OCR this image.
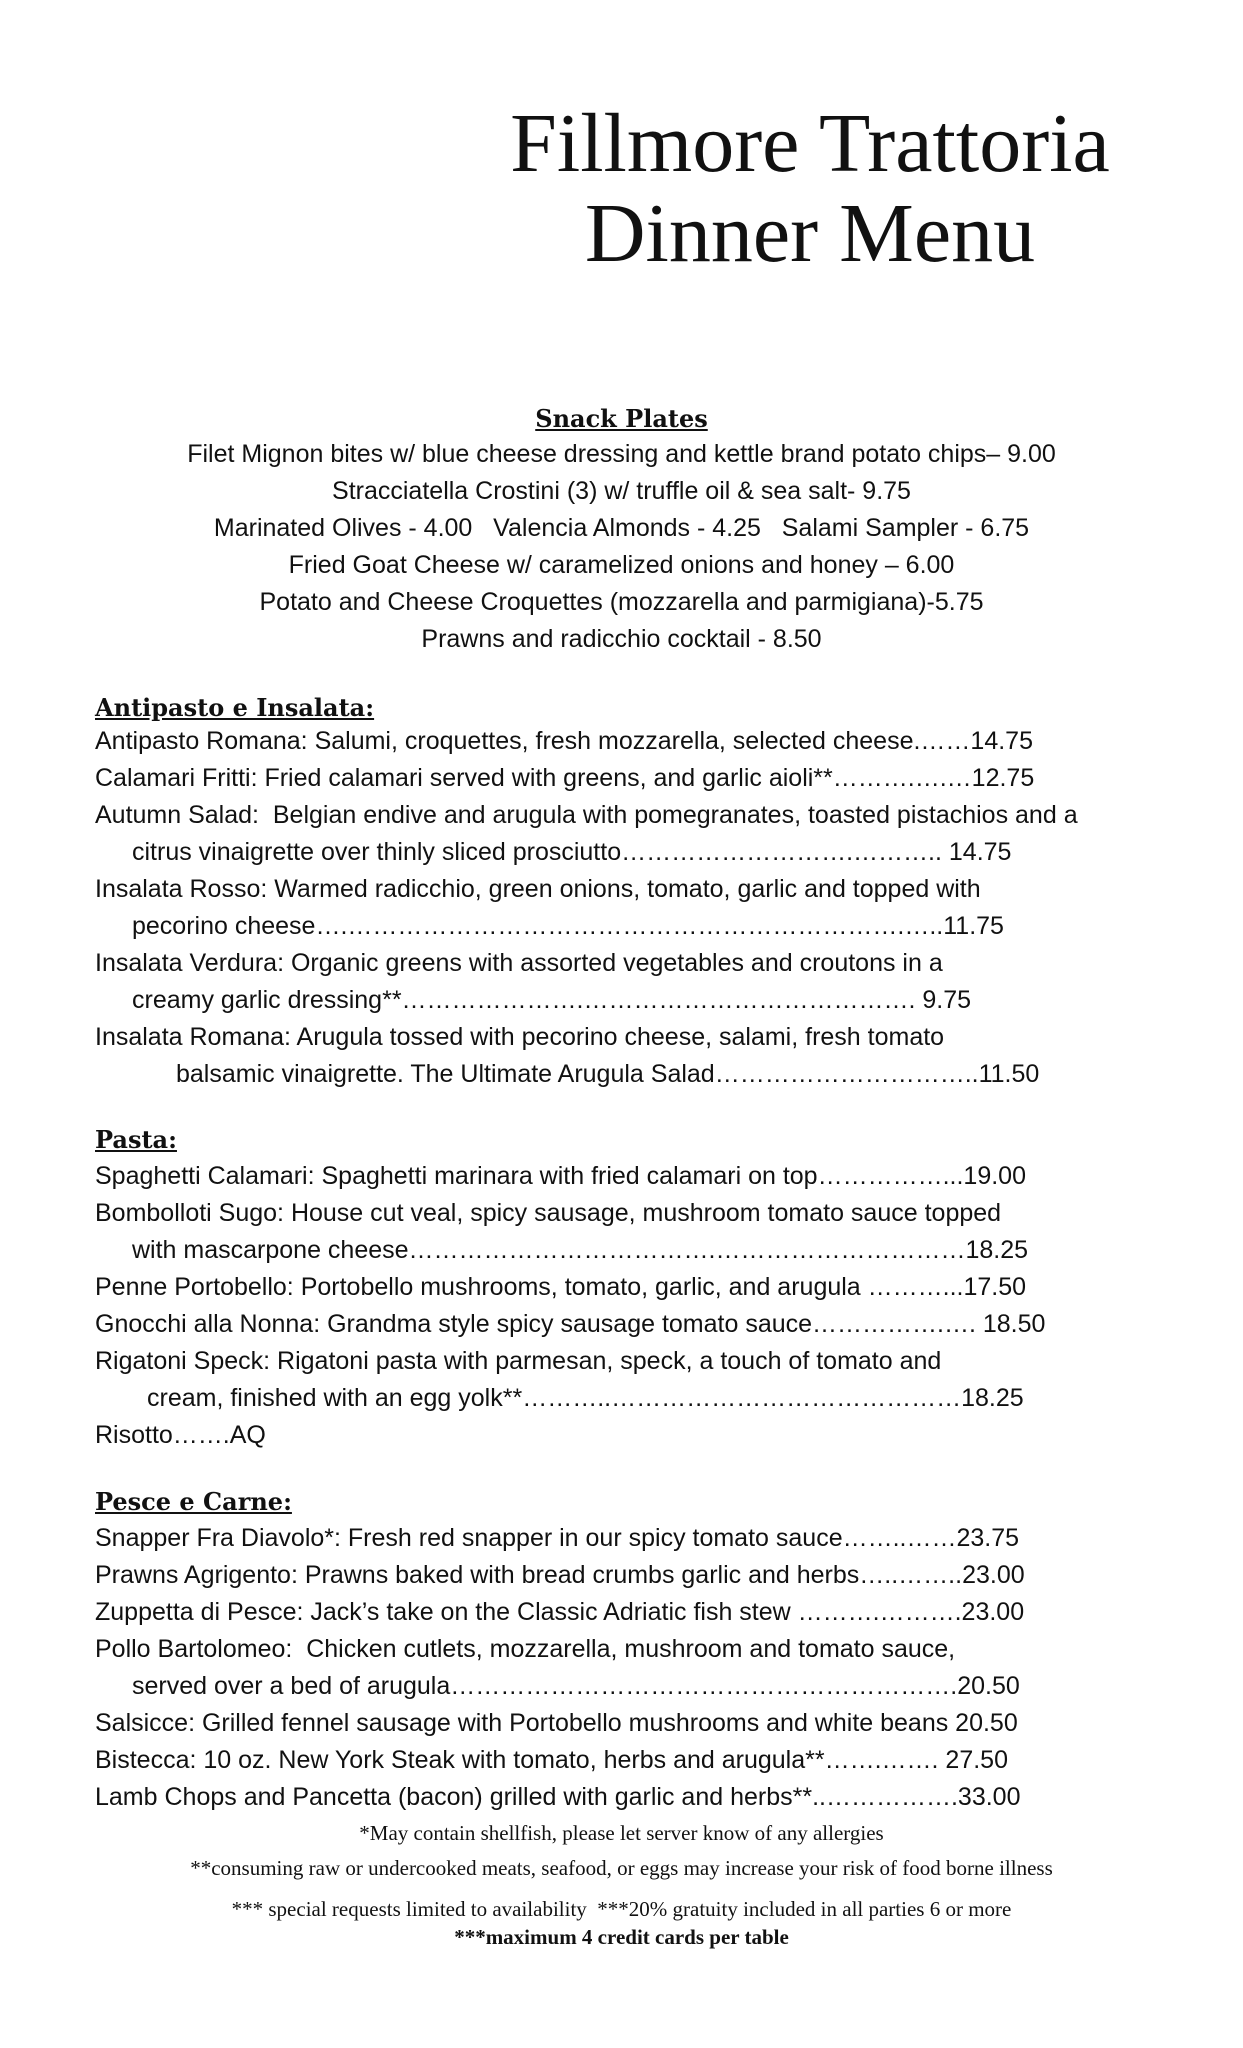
Fillmore Trattoria
Dinner Menu
Snack Plates
Filet Mignon bites w/ blue cheese dressing and kettle brand potato chips– 9.00
Stracciatella Crostini (3) w/ truffle oil & sea salt- 9.75
Marinated Olives - 4.00   Valencia Almonds - 4.25   Salami Sampler - 6.75
Fried Goat Cheese w/ caramelized onions and honey – 6.00
Potato and Cheese Croquettes (mozzarella and parmigiana)-5.75
Prawns and radicchio cocktail - 8.50
Antipasto e Insalata:
Antipasto Romana: Salumi, croquettes, fresh mozzarella, selected cheese.……14.75
Calamari Fritti: Fried calamari served with greens, and garlic aioli**……….….…12.75
Autumn Salad:  Belgian endive and arugula with pomegranates, toasted pistachios and a
citrus vinaigrette over thinly sliced prosciutto……………………….……….. 14.75
Insalata Rosso: Warmed radicchio, green onions, tomato, garlic and topped with
pecorino cheese….………………………………………………………….…..11.75
Insalata Verdura: Organic greens with assorted vegetables and croutons in a
creamy garlic dressing**………………….…………………………………. 9.75
Insalata Romana: Arugula tossed with pecorino cheese, salami, fresh tomato
balsamic vinaigrette. The Ultimate Arugula Salad…………………………..11.50
Pasta:
Spaghetti Calamari: Spaghetti marinara with fried calamari on top……………...19.00
Bombolloti Sugo: House cut veal, spicy sausage, mushroom tomato sauce topped
with mascarpone cheese……………………………….…………………………18.25
Penne Portobello: Portobello mushrooms, tomato, garlic, and arugula ………...17.50
Gnocchi alla Nonna: Grandma style spicy sausage tomato sauce…………….…. 18.50
Rigatoni Speck: Rigatoni pasta with parmesan, speck, a touch of tomato and
cream, finished with an egg yolk**………..……………………………………18.25
Risotto…….AQ
Pesce e Carne:
Snapper Fra Diavolo*: Fresh red snapper in our spicy tomato sauce……..……23.75
Prawns Agrigento: Prawns baked with bread crumbs garlic and herbs…..……..23.00
Zuppetta di Pesce: Jack’s take on the Classic Adriatic fish stew ……….……….23.00
Pollo Bartolomeo:  Chicken cutlets, mozzarella, mushroom and tomato sauce,
served over a bed of arugula…………………………………………………….20.50
Salsicce: Grilled fennel sausage with Portobello mushrooms and white beans 20.50
Bistecca: 10 oz. New York Steak with tomato, herbs and arugula**…….……. 27.50
Lamb Chops and Pancetta (bacon) grilled with garlic and herbs**..…………….33.00
*May contain shellfish, please let server know of any allergies
**consuming raw or undercooked meats, seafood, or eggs may increase your risk of food borne illness
*** special requests limited to availability  ***20% gratuity included in all parties 6 or more
***maximum 4 credit cards per table
